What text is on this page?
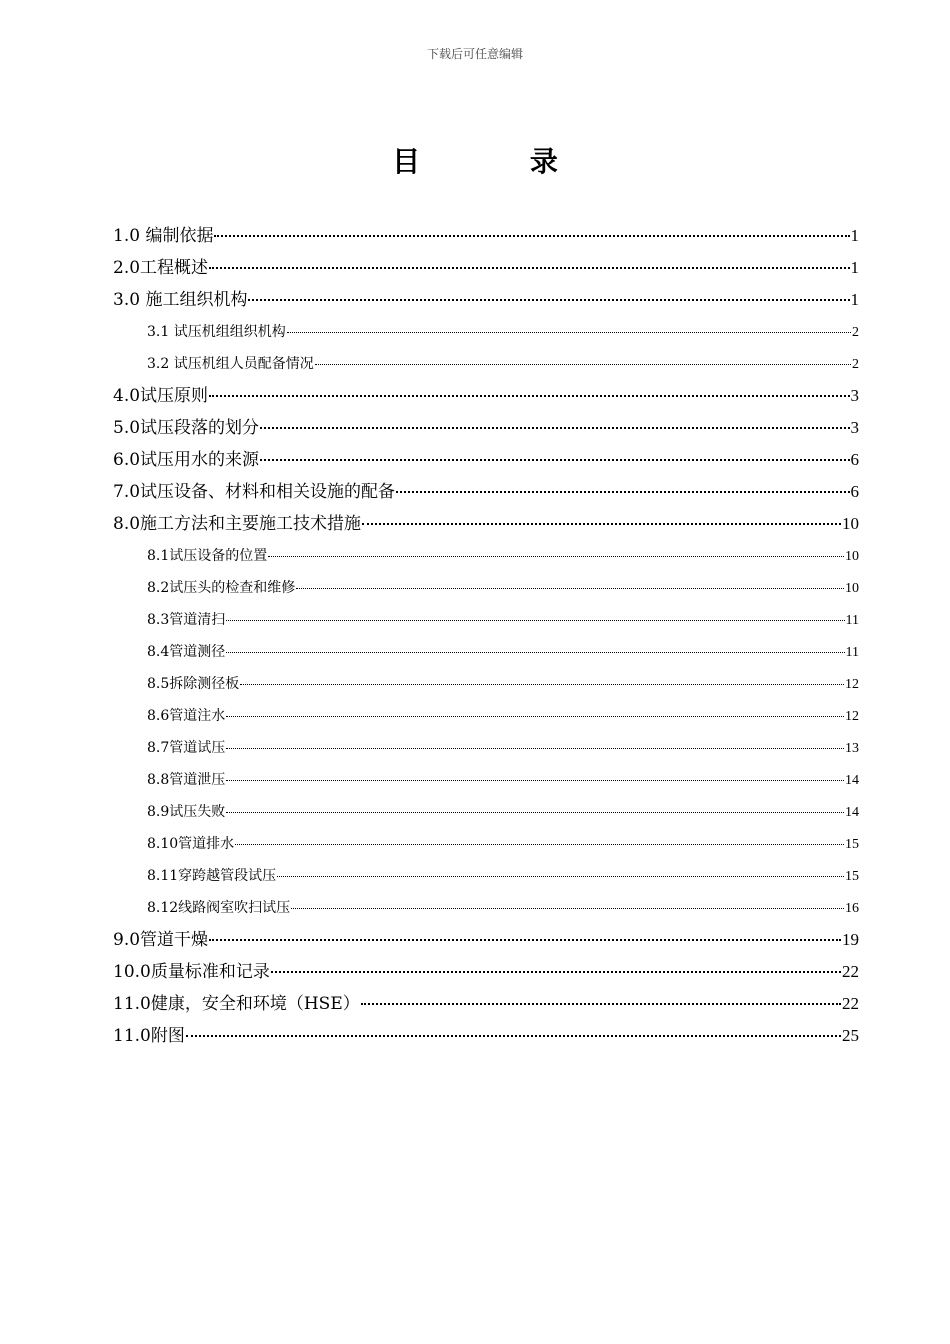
下载后可任意编辑
目 录
1.0 编制依据	1
2.0工程概述	1
3.0 施工组织机构	1
3.1 试压机组组织机构	2
3.2 试压机组人员配备情况	2
4.0试压原则	3
5.0试压段落的划分	3
6.0试压用水的来源	6
7.0试压设备、材料和相关设施的配备	6
8.0施工方法和主要施工技术措施	10
8.1试压设备的位置	10
8.2试压头的检查和维修	10
8.3管道清扫	11
8.4管道测径	11
8.5拆除测径板	12
8.6管道注水	12
8.7管道试压	13
8.8管道泄压	14
8.9试压失败	14
8.10管道排水	15
8.11穿跨越管段试压	15
8.12线路阀室吹扫试压	16
9.0管道干燥	19
10.0质量标准和记录	22
11.0健康，安全和环境（HSE）	22
11.0附图	25
